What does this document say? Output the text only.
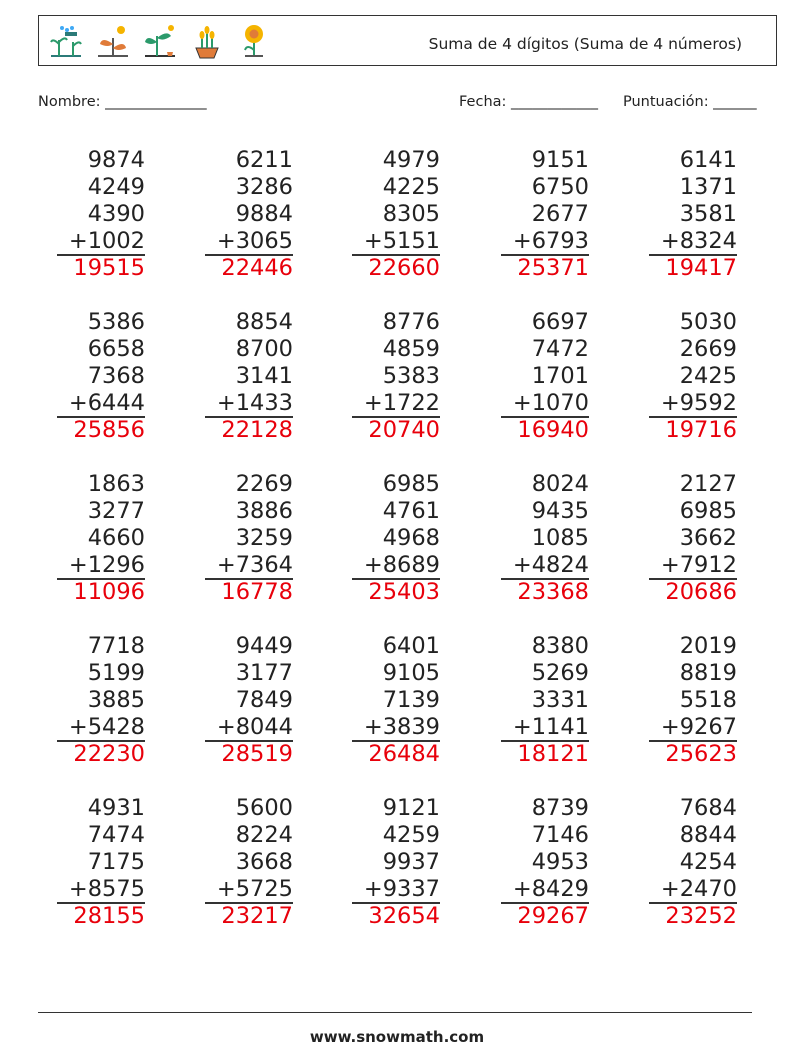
Suma de 4 dígitos (Suma de 4 números)
Nombre: ______________	Fecha: ____________ Puntuación: ______
9874
4249
4390
+1002
19515
6211
3286
9884
+3065
22446
4979
4225
8305
+5151
22660
9151
6750
2677
+6793
25371
6141
1371
3581
+8324
19417
5386
6658
7368
+6444
25856
8854
8700
3141
+1433
22128
8776
4859
5383
+1722
20740
6697
7472
1701
+1070
16940
5030
2669
2425
+9592
19716
1863
3277
4660
+1296
11096
2269
3886
3259
+7364
16778
6985
4761
4968
+8689
25403
8024
9435
1085
+4824
23368
2127
6985
3662
+7912
20686
7718
5199
3885
+5428
22230
9449
3177
7849
+8044
28519
6401
9105
7139
+3839
26484
8380
5269
3331
+1141
18121
2019
8819
5518
+9267
25623
4931
7474
7175
+8575
28155
5600
8224
3668
+5725
23217
9121
4259
9937
+9337
32654
8739
7146
4953
+8429
29267
7684
8844
4254
+2470
23252
www.snowmath.com
